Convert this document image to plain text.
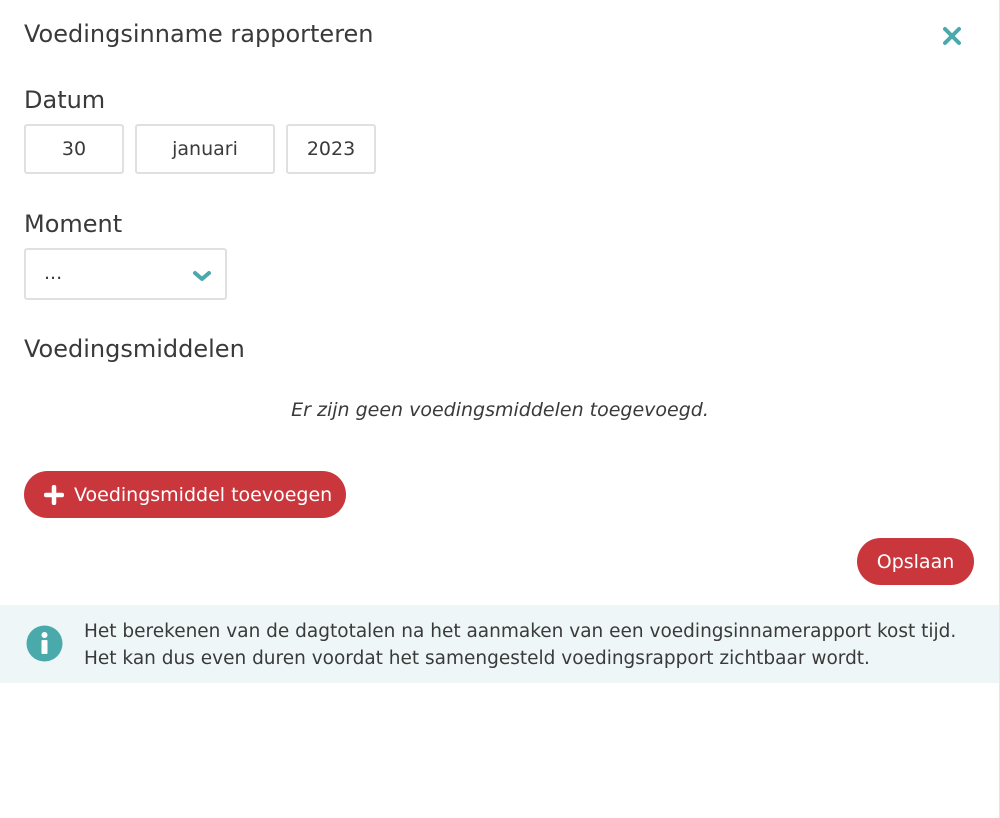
Voedingsinname rapporteren
Datum
30	januari	2023
Moment
...
Voedingsmiddelen
Er zijn geen voedingsmiddelen toegevoegd.
Voedingsmiddel toevoegen
Opslaan
Het berekenen van de dagtotalen na het aanmaken van een voedingsinnamerapport kost tijd.
Het kan dus even duren voordat het samengesteld voedingsrapport zichtbaar wordt.
